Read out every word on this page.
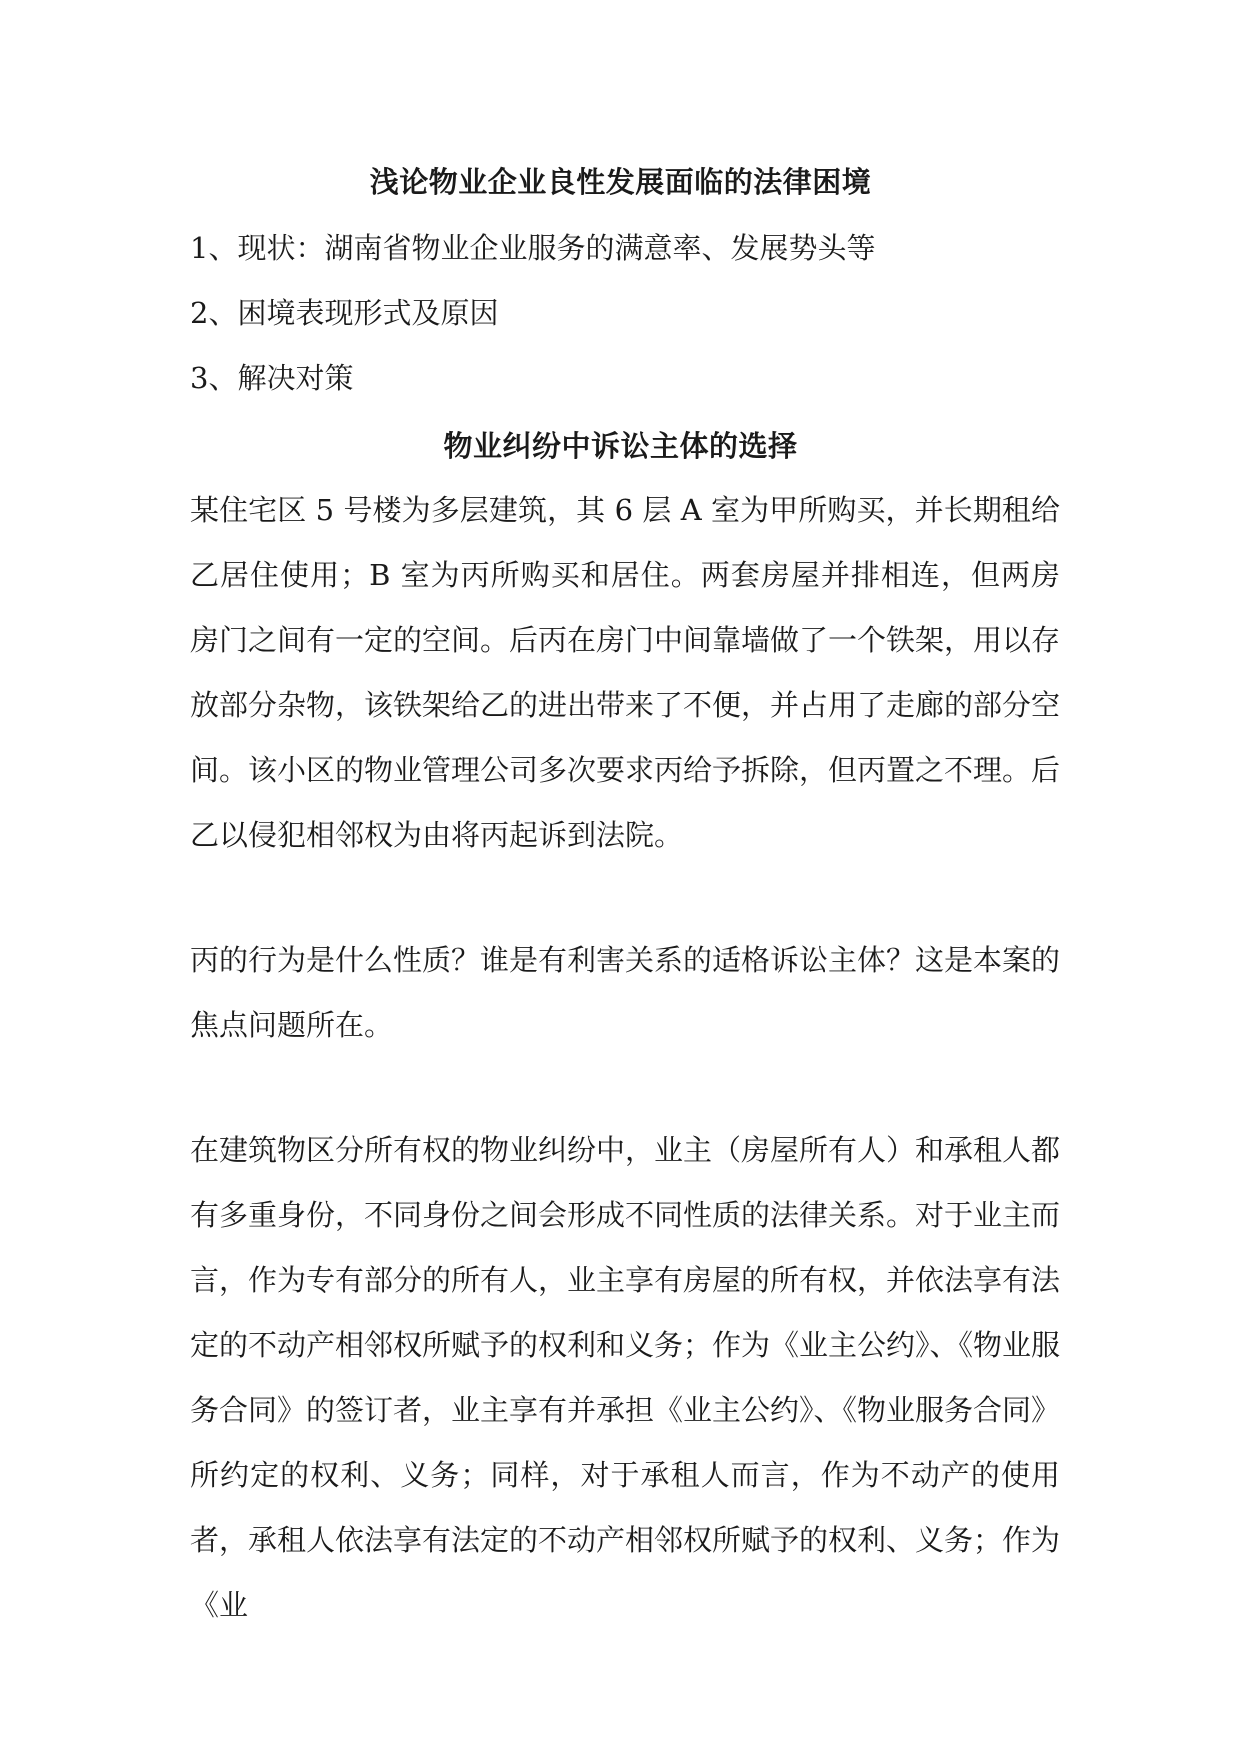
浅论物业企业良性发展面临的法律困境

1、现状：湖南省物业企业服务的满意率、发展势头等

2、困境表现形式及原因

3、解决对策

物业纠纷中诉讼主体的选择

某住宅区 5 号楼为多层建筑，其 6 层 A 室为甲所购买，并长期租给乙居住使用；B 室为丙所购买和居住。两套房屋并排相连，但两房房门之间有一定的空间。后丙在房门中间靠墙做了一个铁架，用以存放部分杂物，该铁架给乙的进出带来了不便，并占用了走廊的部分空间。该小区的物业管理公司多次要求丙给予拆除，但丙置之不理。后乙以侵犯相邻权为由将丙起诉到法院。

丙的行为是什么性质？谁是有利害关系的适格诉讼主体？这是本案的焦点问题所在。

在建筑物区分所有权的物业纠纷中，业主（房屋所有人）和承租人都有多重身份，不同身份之间会形成不同性质的法律关系。对于业主而言，作为专有部分的所有人，业主享有房屋的所有权，并依法享有法定的不动产相邻权所赋予的权利和义务；作为《业主公约》、《物业服务合同》的签订者，业主享有并承担《业主公约》、《物业服务合同》所约定的权利、义务；同样，对于承租人而言，作为不动产的使用者，承租人依法享有法定的不动产相邻权所赋予的权利、义务；作为《业
